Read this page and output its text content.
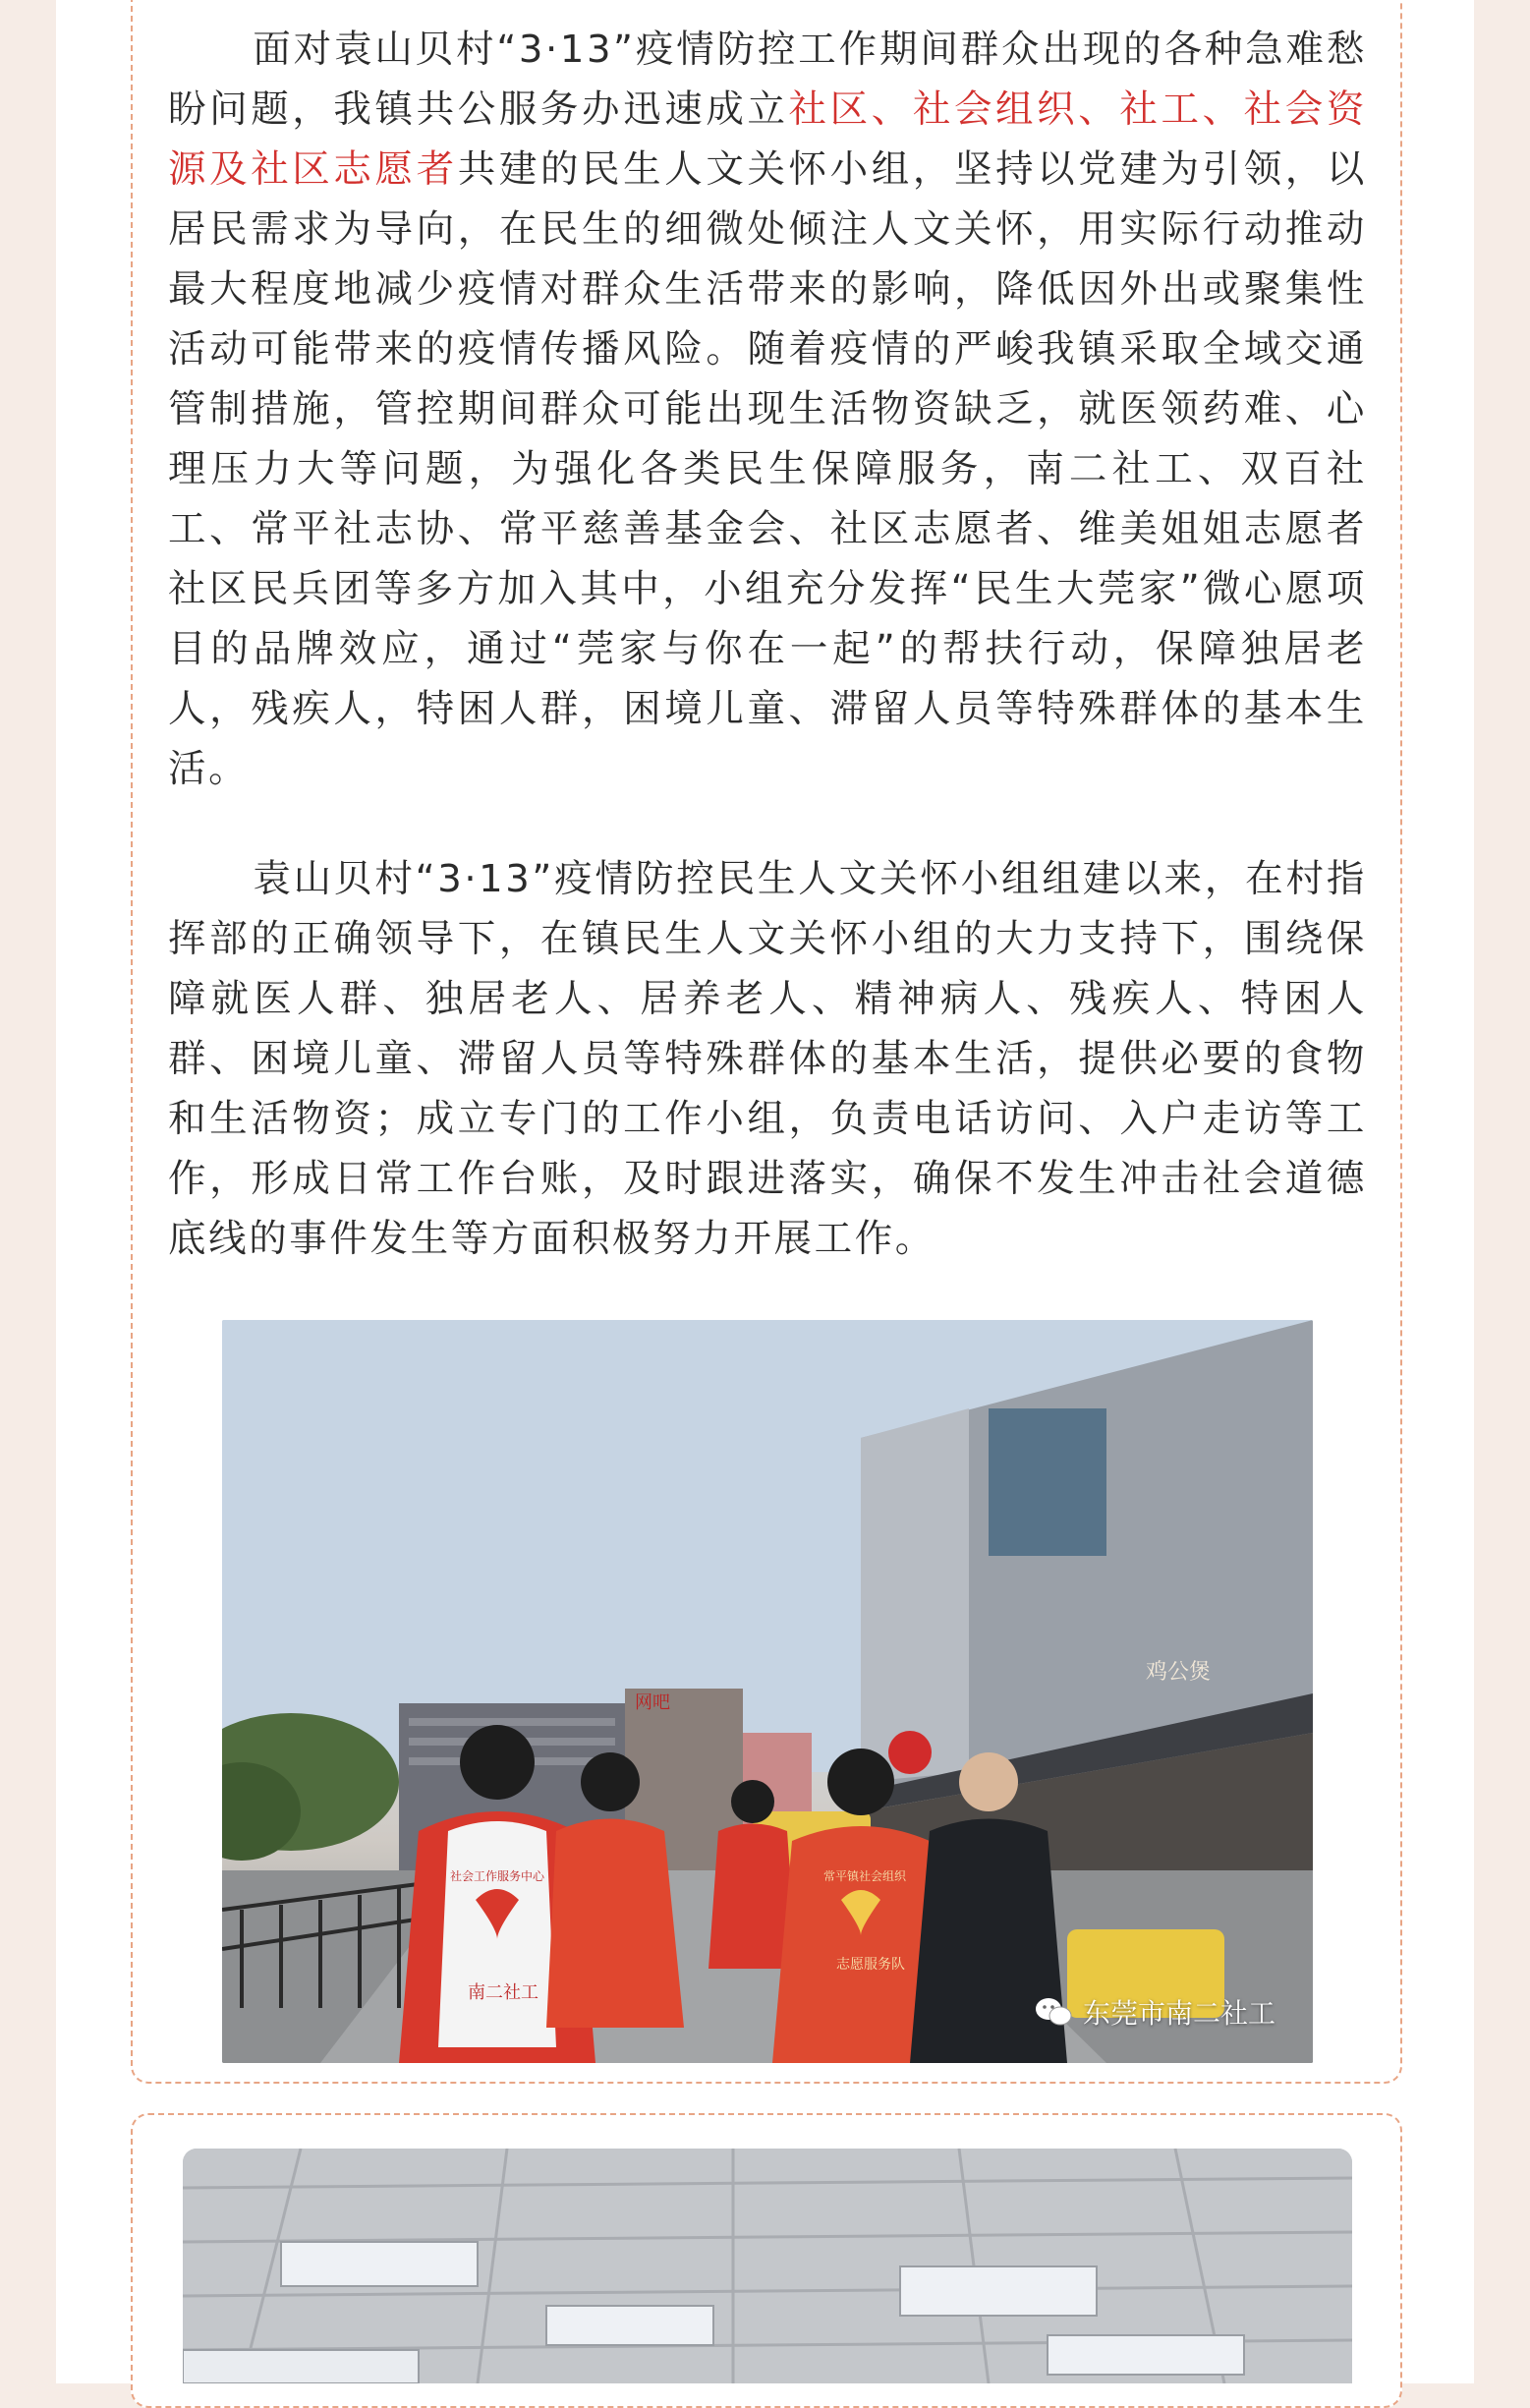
面对袁山贝村“3·13”疫情防控工作期间群众出现的各种急难愁盼问题，我镇共公服务办迅速成立社区、社会组织、社工、社会资源及社区志愿者共建的民生人文关怀小组，坚持以党建为引领，以居民需求为导向，在民生的细微处倾注人文关怀，用实际行动推动最大程度地减少疫情对群众生活带来的影响，降低因外出或聚集性活动可能带来的疫情传播风险。随着疫情的严峻我镇采取全域交通管制措施，管控期间群众可能出现生活物资缺乏，就医领药难、心理压力大等问题，为强化各类民生保障服务，南二社工、双百社工、常平社志协、常平慈善基金会、社区志愿者、维美姐姐志愿者社区民兵团等多方加入其中，小组充分发挥“民生大莞家”微心愿项目的品牌效应，通过“莞家与你在一起”的帮扶行动，保障独居老人，残疾人，特困人群，困境儿童、滞留人员等特殊群体的基本生活。

袁山贝村“3·13”疫情防控民生人文关怀小组组建以来，在村指挥部的正确领导下，在镇民生人文关怀小组的大力支持下，围绕保障就医人群、独居老人、居养老人、精神病人、残疾人、特困人群、困境儿童、滞留人员等特殊群体的基本生活，提供必要的食物和生活物资；成立专门的工作小组，负责电话访问、入户走访等工作，形成日常工作台账，及时跟进落实，确保不发生冲击社会道德底线的事件发生等方面积极努力开展工作。

网吧
鸡公煲
社会工作服务中心
南二社工
常平镇社会组织
志愿服务队
东莞市南二社工
